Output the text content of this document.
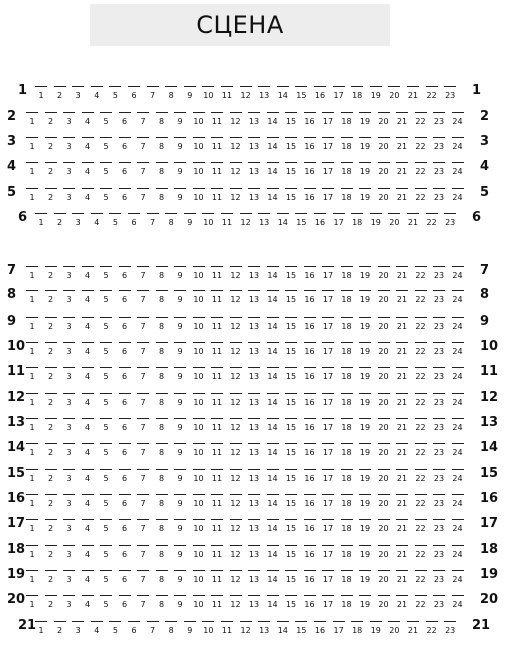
СЦЕНА
1	1	2	3	4	5	6	7	8	9	10	11	12	13	14	15	16	17	18	19	20	21	22	23 1
2	1	2	3	4	5	6	7	8	9	10	11	12	13	14	15	16	17	18	19	20	21	22	23	24 2
3	1	2	3	4	5	6	7	8	9	10	11	12	13	14	15	16	17	18	19	20	21	22	23	24 3
4	1	2	3	4	5	6	7	8	9	10	11	12	13	14	15	16	17	18	19	20	21	22	23	24 4
5	1	2	3	4	5	6	7	8	9	10	11	12	13	14	15	16	17	18	19	20	21	22	23	24 5
6	1	2	3	4	5	6	7	8	9	10	11	12	13	14	15	16	17	18	19	20	21	22	23 6
7	1	2	3	4	5	6	7	8	9	10	11	12	13	14	15	16	17	18	19	20	21	22	23	24 7
8	1	2	3	4	5	6	7	8	9	10	11	12	13	14	15	16	17	18	19	20	21	22	23	24 8
9	1	2	3	4	5	6	7	8	9	10	11	12	13	14	15	16	17	18	19	20	21	22	23	24 9
10 1	2	3	4	5	6	7	8	9	10	11	12	13	14	15	16	17	18	19	20	21	22	23	24 10
11 1	2	3	4	5	6	7	8	9	10	11	12	13	14	15	16	17	18	19	20	21	22	23	24 11
12 1	2	3	4	5	6	7	8	9	10	11	12	13	14	15	16	17	18	19	20	21	22	23	24 12
13 1	2	3	4	5	6	7	8	9	10	11	12	13	14	15	16	17	18	19	20	21	22	23	24 13
14 1	2	3	4	5	6	7	8	9	10	11	12	13	14	15	16	17	18	19	20	21	22	23	24 14
15 1	2	3	4	5	6	7	8	9	10	11	12	13	14	15	16	17	18	19	20	21	22	23	24 15
16 1	2	3	4	5	6	7	8	9	10	11	12	13	14	15	16	17	18	19	20	21	22	23	24 16
17 1	2	3	4	5	6	7	8	9	10	11	12	13	14	15	16	17	18	19	20	21	22	23	24 17
18 1	2	3	4	5	6	7	8	9	10	11	12	13	14	15	16	17	18	19	20	21	22	23	24 18
19 1	2	3	4	5	6	7	8	9	10	11	12	13	14	15	16	17	18	19	20	21	22	23	24 19
20 1	2	3	4	5	6	7	8	9	10	11	12	13	14	15	16	17	18	19	20	21	22	23	24 20
21 1	2	3	4	5	6	7	8	9	10	11	12	13	14	15	16	17	18	19	20	21	22	23 21
